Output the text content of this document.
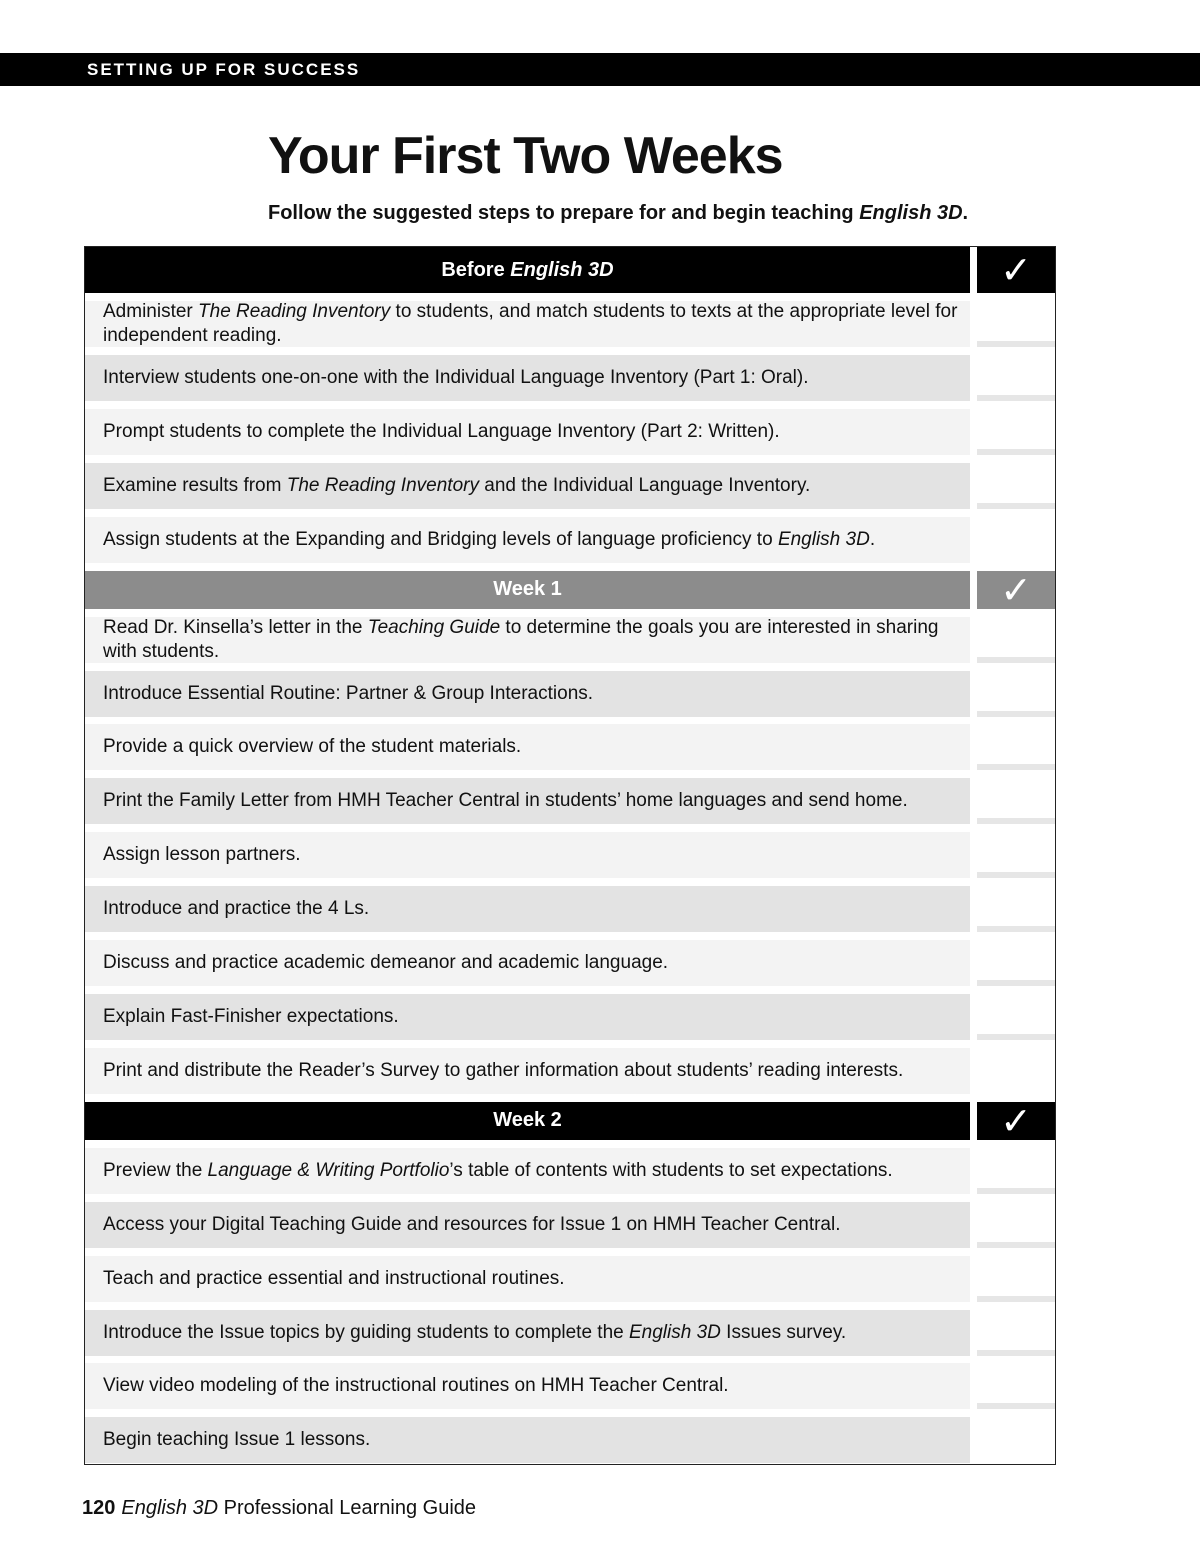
SETTING UP FOR SUCCESS
Your First Two Weeks

Follow the suggested steps to prepare for and begin teaching English 3D.

Before English 3D	✓
Administer The Reading Inventory to students, and match students to texts at the appropriate level for independent reading.
Interview students one-on-one with the Individual Language Inventory (Part 1: Oral).
Prompt students to complete the Individual Language Inventory (Part 2: Written).
Examine results from The Reading Inventory and the Individual Language Inventory.
Assign students at the Expanding and Bridging levels of language proficiency to English 3D.
Week 1	✓
Read Dr. Kinsella’s letter in the Teaching Guide to determine the goals you are interested in sharing with students.
Introduce Essential Routine: Partner & Group Interactions.
Provide a quick overview of the student materials.
Print the Family Letter from HMH Teacher Central in students’ home languages and send home.
Assign lesson partners.
Introduce and practice the 4 Ls.
Discuss and practice academic demeanor and academic language.
Explain Fast-Finisher expectations.
Print and distribute the Reader’s Survey to gather information about students’ reading interests.
Week 2	✓
Preview the Language & Writing Portfolio’s table of contents with students to set expectations.
Access your Digital Teaching Guide and resources for Issue 1 on HMH Teacher Central.
Teach and practice essential and instructional routines.
Introduce the Issue topics by guiding students to complete the English 3D Issues survey.
View video modeling of the instructional routines on HMH Teacher Central.
Begin teaching Issue 1 lessons.
120 English 3D Professional Learning Guide
